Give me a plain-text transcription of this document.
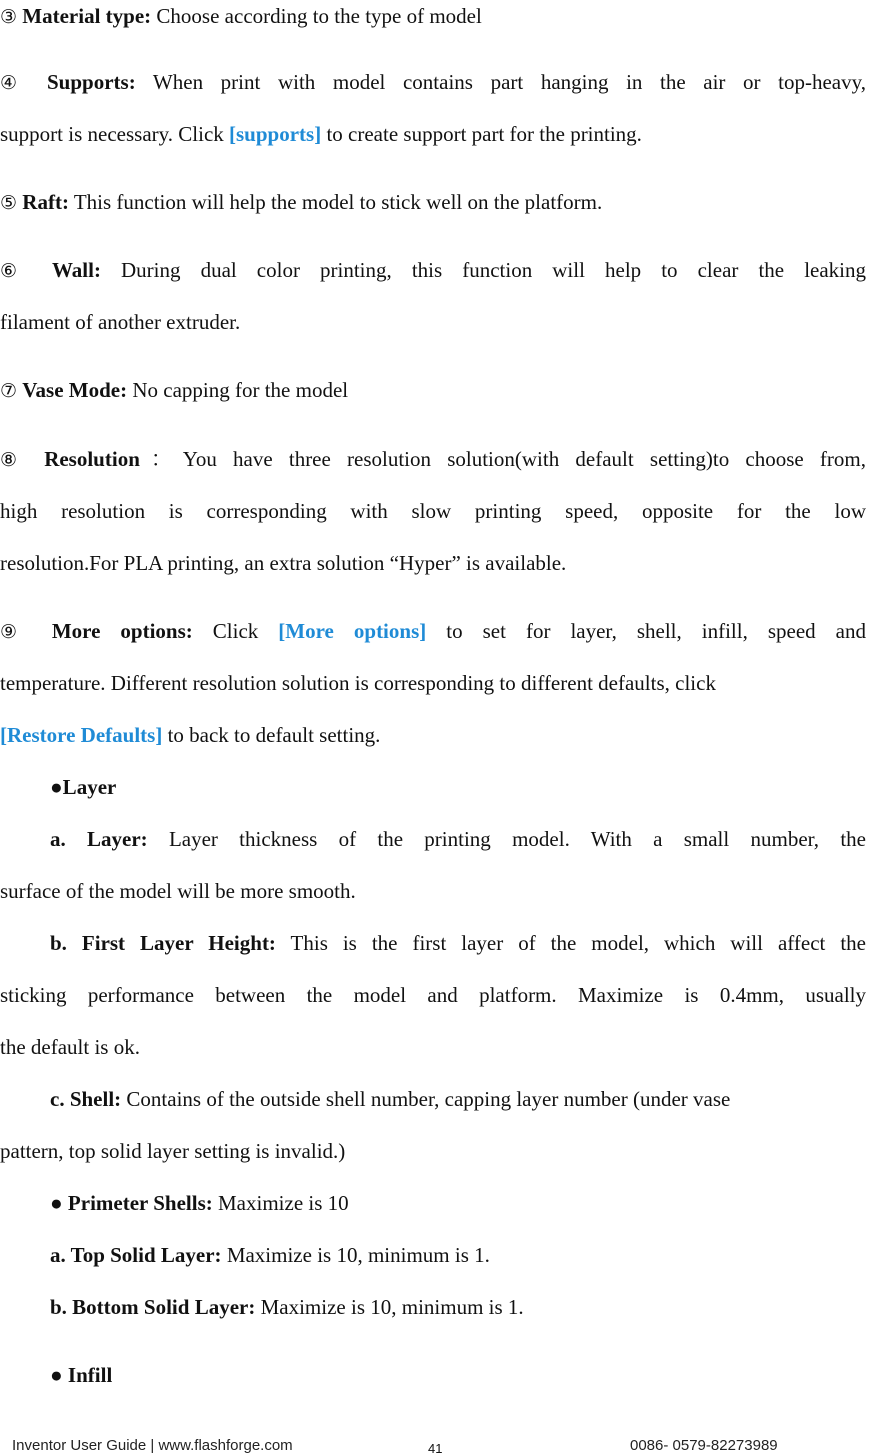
③ Material type: Choose according to the type of model
④ Supports: When print with model contains part hanging in the air or top-heavy,
support is necessary. Click [supports] to create support part for the printing.
⑤ Raft: This function will help the model to stick well on the platform.
⑥ Wall: During dual color printing, this function will help to clear the leaking
filament of another extruder.
⑦ Vase Mode: No capping for the model
⑧ Resolution：You have three resolution solution(with default setting)to choose from,
high resolution is corresponding with slow printing speed, opposite for the low
resolution.For PLA printing, an extra solution “Hyper” is available.
⑨ More options: Click [More options] to set for layer, shell, infill, speed and
temperature. Different resolution solution is corresponding to different defaults, click
[Restore Defaults] to back to default setting.
●Layer
a. Layer: Layer thickness of the printing model. With a small number, the
surface of the model will be more smooth.
b. First Layer Height: This is the first layer of the model, which will affect the
sticking performance between the model and platform. Maximize is 0.4mm, usually
the default is ok.
c. Shell: Contains of the outside shell number, capping layer number (under vase
pattern, top solid layer setting is invalid.)
● Primeter Shells: Maximize is 10
a. Top Solid Layer: Maximize is 10, minimum is 1.
b. Bottom Solid Layer: Maximize is 10, minimum is 1.
● Infill
Inventor User Guide | www.flashforge.com	41	0086- 0579-82273989
